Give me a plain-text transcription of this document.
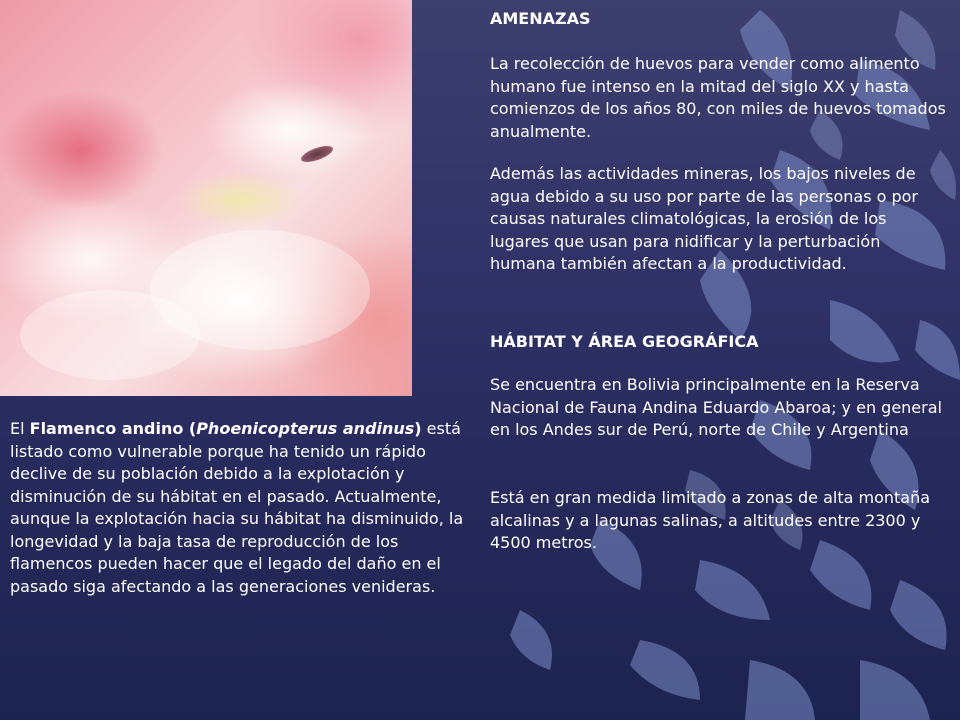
El Flamenco andino (Phoenicopterus andinus) está listado como vulnerable porque ha tenido un rápido declive de su población debido a la explotación y disminución de su hábitat en el pasado. Actualmente, aunque la explotación hacia su hábitat ha disminuido, la longevidad y la baja tasa de reproducción de los flamencos pueden hacer que el legado del daño en el pasado siga afectando a las generaciones venideras.
AMENAZAS

La recolección de huevos para vender como alimento humano fue intenso en la mitad del siglo XX y hasta comienzos de los años 80, con miles de huevos tomados anualmente.

Además las actividades mineras, los bajos niveles de agua debido a su uso por parte de las personas o por causas naturales climatológicas, la erosión de los lugares que usan para nidificar y la perturbación humana también afectan a la productividad.

HÁBITAT Y ÁREA GEOGRÁFICA

Se encuentra en Bolivia principalmente en la Reserva Nacional de Fauna Andina Eduardo Abaroa; y en general en los Andes sur de Perú, norte de Chile y Argentina

Está en gran medida limitado a zonas de alta montaña alcalinas y a lagunas salinas, a altitudes entre 2300 y 4500 metros.
